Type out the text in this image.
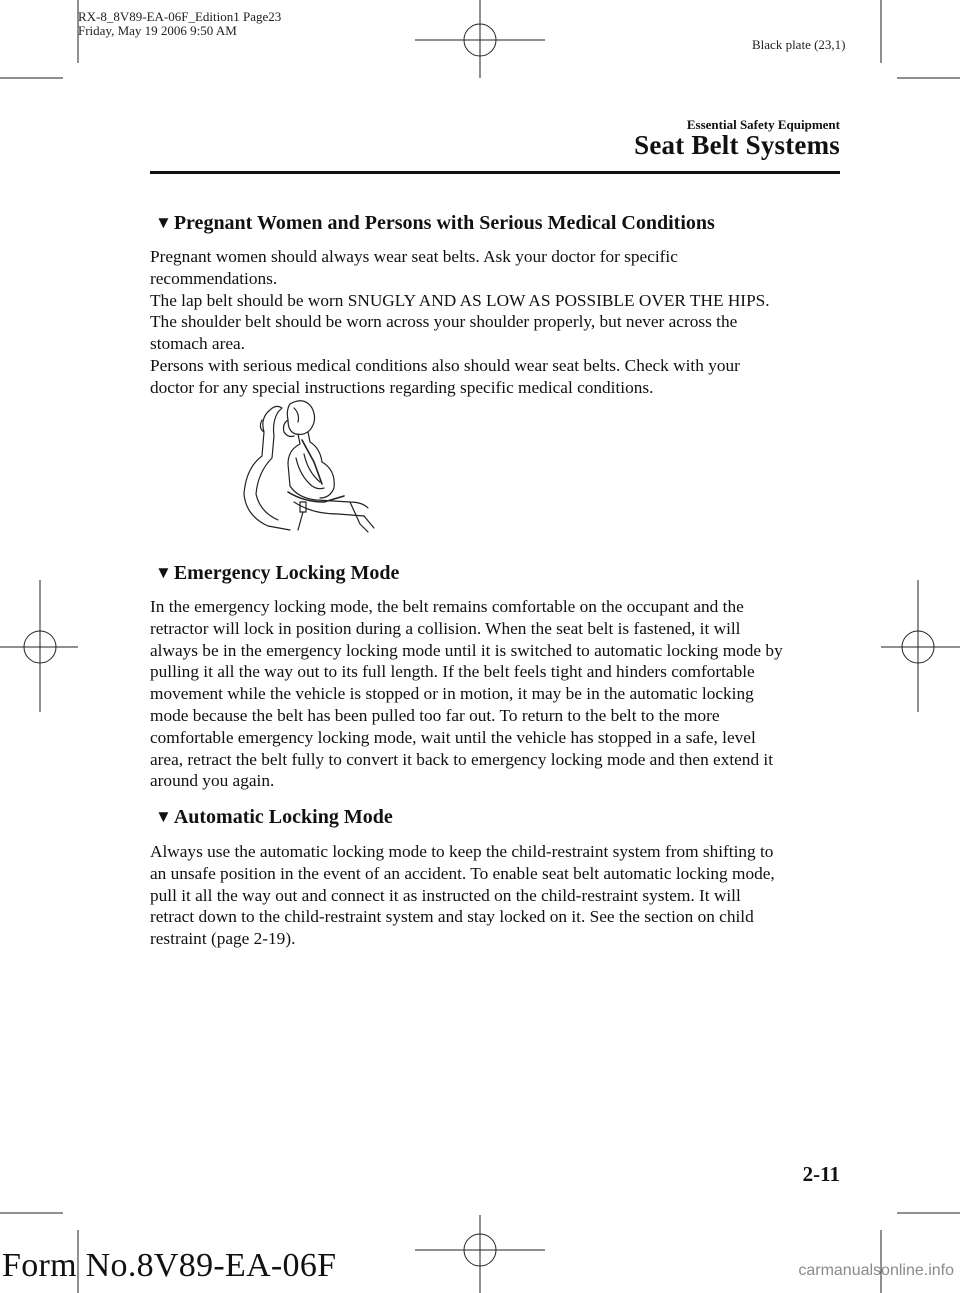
RX-8_8V89-EA-06F_Edition1 Page23
Friday, May 19 2006 9:50 AM
Black plate (23,1)
Essential Safety Equipment
Seat Belt Systems
▼ Pregnant Women and Persons with Serious Medical Conditions

Pregnant women should always wear seat belts. Ask your doctor for specific

recommendations.

The lap belt should be worn SNUGLY AND AS LOW AS POSSIBLE OVER THE HIPS.

The shoulder belt should be worn across your shoulder properly, but never across the

stomach area.

Persons with serious medical conditions also should wear seat belts. Check with your

doctor for any special instructions regarding specific medical conditions.

▼ Emergency Locking Mode

In the emergency locking mode, the belt remains comfortable on the occupant and the

retractor will lock in position during a collision. When the seat belt is fastened, it will

always be in the emergency locking mode until it is switched to automatic locking mode by

pulling it all the way out to its full length. If the belt feels tight and hinders comfortable

movement while the vehicle is stopped or in motion, it may be in the automatic locking

mode because the belt has been pulled too far out. To return to the belt to the more

comfortable emergency locking mode, wait until the vehicle has stopped in a safe, level

area, retract the belt fully to convert it back to emergency locking mode and then extend it

around you again.

▼ Automatic Locking Mode

Always use the automatic locking mode to keep the child-restraint system from shifting to

an unsafe position in the event of an accident. To enable seat belt automatic locking mode,

pull it all the way out and connect it as instructed on the child-restraint system. It will

retract down to the child-restraint system and stay locked on it. See the section on child

restraint (page 2-19).

2-11
Form No.8V89-EA-06F	carmanualsonline.info
